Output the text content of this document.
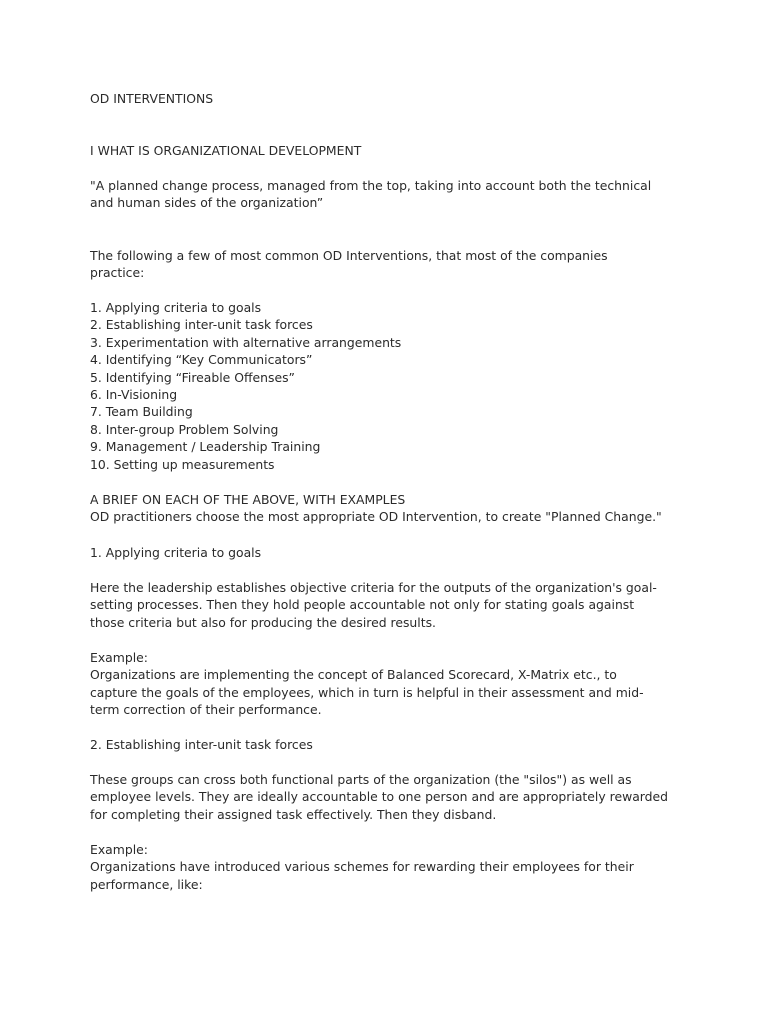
OD INTERVENTIONS

I WHAT IS ORGANIZATIONAL DEVELOPMENT

"A planned change process, managed from the top, taking into account both the technical
and human sides of the organization”

The following a few of most common OD Interventions, that most of the companies
practice:

1. Applying criteria to goals

2. Establishing inter-unit task forces

3. Experimentation with alternative arrangements

4. Identifying “Key Communicators”

5. Identifying “Fireable Offenses”

6. In-Visioning

7. Team Building

8. Inter-group Problem Solving

9. Management / Leadership Training

10. Setting up measurements

A BRIEF ON EACH OF THE ABOVE, WITH EXAMPLES

OD practitioners choose the most appropriate OD Intervention, to create "Planned Change."

1. Applying criteria to goals

Here the leadership establishes objective criteria for the outputs of the organization's goal-
setting processes. Then they hold people accountable not only for stating goals against
those criteria but also for producing the desired results.

Example:

Organizations are implementing the concept of Balanced Scorecard, X-Matrix etc., to
capture the goals of the employees, which in turn is helpful in their assessment and mid-
term correction of their performance.

2. Establishing inter-unit task forces

These groups can cross both functional parts of the organization (the "silos") as well as
employee levels. They are ideally accountable to one person and are appropriately rewarded
for completing their assigned task effectively. Then they disband.

Example:

Organizations have introduced various schemes for rewarding their employees for their
performance, like:
